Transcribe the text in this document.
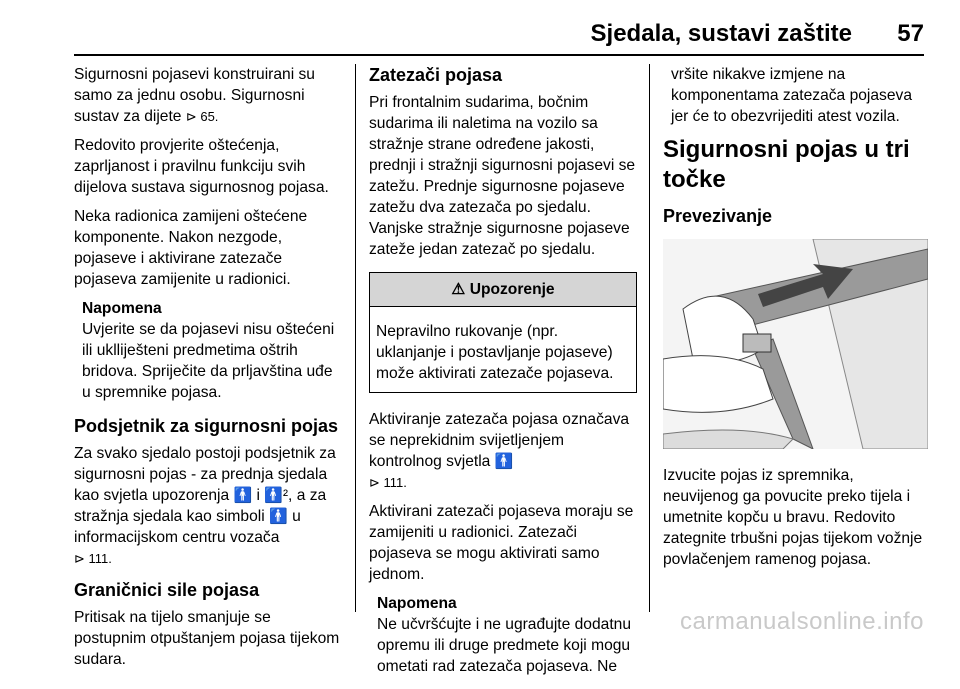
Sjedala, sustavi zaštite 57

Sigurnosni pojasevi konstruirani su samo za jednu osobu. Sigurnosni sustav za dijete ⊳ 65.

Redovito provjerite oštećenja, zaprljanost i pravilnu funkciju svih dijelova sustava sigurnosnog pojasa.

Neka radionica zamijeni oštećene komponente. Nakon nezgode, pojaseve i aktivirane zatezače pojaseva zamijenite u radionici.

Napomena
Uvjerite se da pojasevi nisu oštećeni ili uklliješteni predmetima oštrih bridova. Spriječite da prljavština uđe u spremnike pojasa.
Podsjetnik za sigurnosni pojas

Za svako sjedalo postoji podsjetnik za sigurnosni pojas - za prednja sjedala kao svjetla upozorenja 🚹 i 🚹², a za stražnja sjedala kao simboli 🚹 u informacijskom centru vozača
⊳ 111.

Graničnici sile pojasa

Pritisak na tijelo smanjuje se postupnim otpuštanjem pojasa tijekom sudara.

Zatezači pojasa

Pri frontalnim sudarima, bočnim sudarima ili naletima na vozilo sa stražnje strane određene jakosti, prednji i stražnji sigurnosni pojasevi se zatežu. Prednje sigurnosne pojaseve zatežu dva zatezača po sjedalu. Vanjske stražnje sigurnosne pojaseve zateže jedan zatezač po sjedalu.

⚠ Upozorenje
Nepravilno rukovanje (npr. uklanjanje i postavljanje pojaseve) može aktivirati zatezače pojaseva.

Aktiviranje zatezača pojasa označava se neprekidnim svijetljenjem kontrolnog svjetla 🚹
⊳ 111.

Aktivirani zatezači pojaseva moraju se zamijeniti u radionici. Zatezači pojaseva se mogu aktivirati samo jednom.

Napomena
Ne učvršćujte i ne ugrađujte dodatnu opremu ili druge predmete koji mogu ometati rad zatezača pojaseva. Ne

vršite nikakve izmjene na komponentama zatezača pojaseva jer će to obezvrijediti atest vozila.

Sigurnosni pojas u tri točke
Prevezivanje

Izvucite pojas iz spremnika, neuvijenog ga povucite preko tijela i umetnite kopču u bravu. Redovito zategnite trbušni pojas tijekom vožnje povlačenjem ramenog pojasa.

carmanualsonline.info
